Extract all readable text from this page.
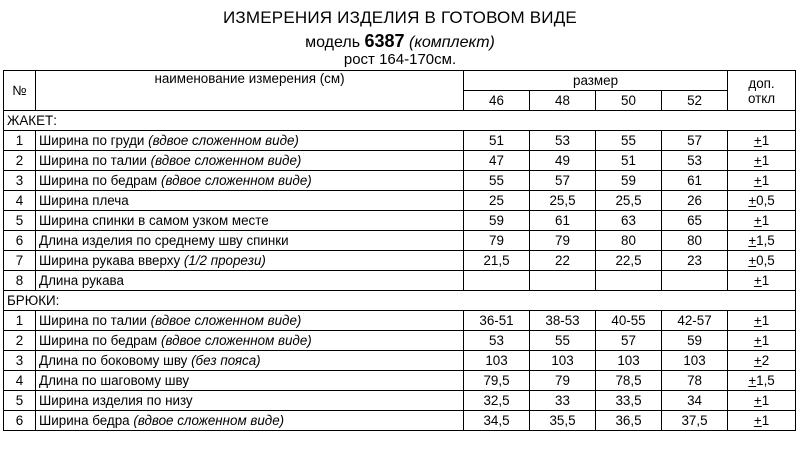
ИЗМЕРЕНИЯ ИЗДЕЛИЯ В ГОТОВОМ ВИДЕ
модель 6387 (комплект)
рост 164-170см.
№	наименование измерения (см)	размер				доп.
откл
		46	48	50	52	
ЖАКЕТ:						
1	Ширина по груди (вдвое сложенном виде)	51	53	55	57	+1
2	Ширина по талии (вдвое сложенном виде)	47	49	51	53	+1
3	Ширина по бедрам (вдвое сложенном виде)	55	57	59	61	+1
4	Ширина плеча	25	25,5	25,5	26	+0,5
5	Ширина спинки в самом узком месте	59	61	63	65	+1
6	Длина изделия по среднему шву спинки	79	79	80	80	+1,5
7	Ширина рукава вверху (1/2 прорези)	21,5	22	22,5	23	+0,5
8	Длина рукава					+1
БРЮКИ:						
1	Ширина по талии (вдвое сложенном виде)	36-51	38-53	40-55	42-57	+1
2	Ширина по бедрам (вдвое сложенном виде)	53	55	57	59	+1
3	Длина по боковому шву (без пояса)	103	103	103	103	+2
4	Длина по шаговому шву	79,5	79	78,5	78	+1,5
5	Ширина изделия по низу	32,5	33	33,5	34	+1
6	Ширина бедра (вдвое сложенном виде)	34,5	35,5	36,5	37,5	+1
